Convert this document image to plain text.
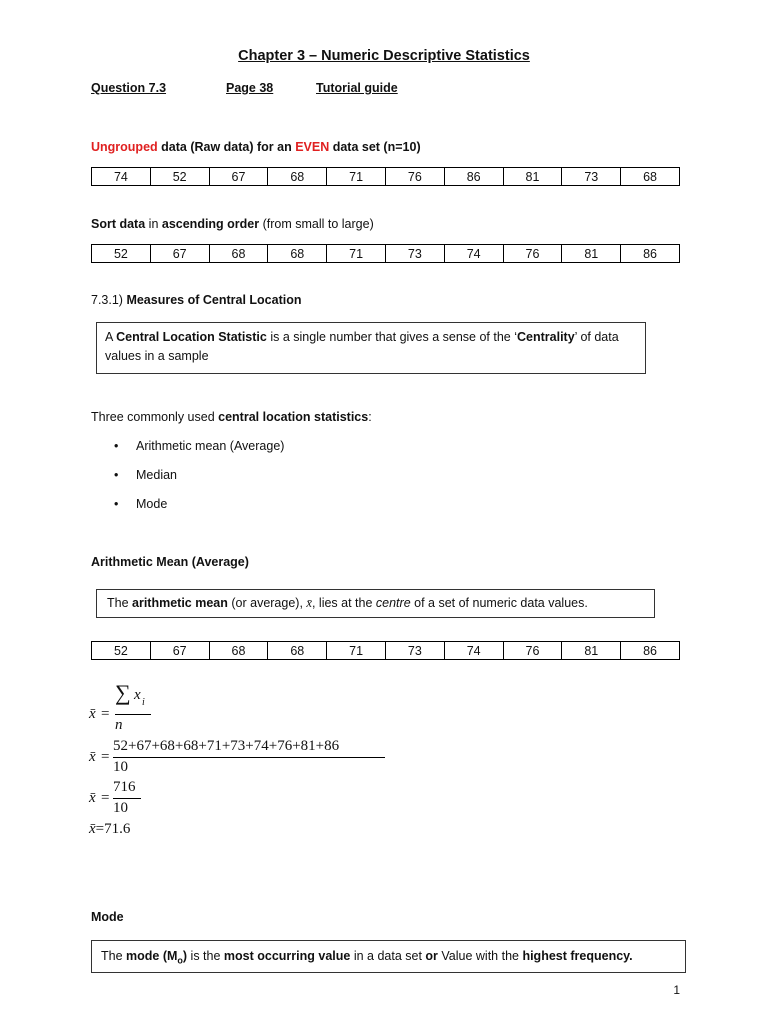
Chapter 3 – Numeric Descriptive Statistics
Question 7.3	Page 38	Tutorial guide
Ungrouped data (Raw data) for an EVEN data set (n=10)
74	52	67	68	71	76	86	81	73	68
Sort data in ascending order (from small to large)
52	67	68	68	71	73	74	76	81	86
7.3.1) Measures of Central Location
A Central Location Statistic is a single number that gives a sense of the ‘Centrality’ of data values in a sample
Three commonly used central location statistics:
• Arithmetic mean (Average)
• Median
• Mode
Arithmetic Mean (Average)
The arithmetic mean (or average), x̄, lies at the centre of a set of numeric data values.
52	67	68	68	71	73	74	76	81	86
x̄ =
∑ x i
n
x̄ =
52+67+68+68+71+73+74+76+81+86
10
x̄ =
716
10
x̄=71.6
Mode
The mode $(M_o)$ is the most occurring value in a data set or Value with the highest frequency.
1
